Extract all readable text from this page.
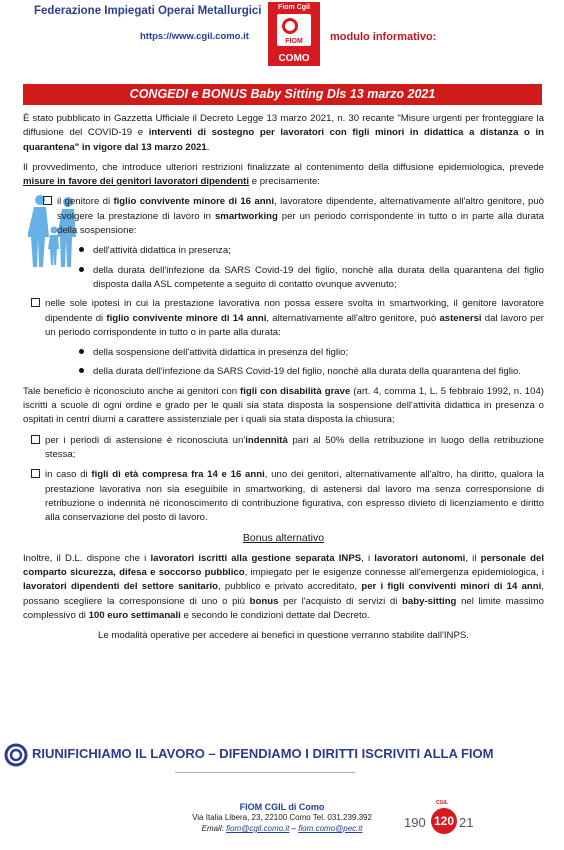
Federazione Impiegati Operai Metallurgici
https://www.cgil.como.it	modulo informativo:
Fiom Cgil
FIOM
COMO
CONGEDI e BONUS Baby Sitting Dls 13 marzo 2021

È stato pubblicato in Gazzetta Ufficiale il Decreto Legge 13 marzo 2021, n. 30 recante "Misure urgenti per fronteggiare la diffusione del COVID-19 e interventi di sostegno per lavoratori con figli minori in didattica a distanza o in quarantena" in vigore dal 13 marzo 2021.

Il provvedimento, che introduce ulteriori restrizioni finalizzate al contenimento della diffusione epidemiologica, prevede misure in favore dei genitori lavoratori dipendenti e precisamente:

il genitore di figlio convivente minore di 16 anni, lavoratore dipendente, alternativamente all'altro genitore, può svolgere la prestazione di lavoro in smartworking per un periodo corrispondente in tutto o in parte alla durata della sospensione:

dell'attività didattica in presenza;

della durata dell'infezione da SARS Covid-19 del figlio, nonchè alla durata della quarantena del figlio disposta dalla ASL competente a seguito di contatto ovunque avvenuto;

nelle sole ipotesi in cui la prestazione lavorativa non possa essere svolta in smartworking, il genitore lavoratore dipendente di figlio convivente minore di 14 anni, alternativamente all'altro genitore, può astenersi dal lavoro per un periodo corrispondente in tutto o in parte alla durata:

della sospensione dell'attività didattica in presenza del figlio;

della durata dell'infezione da SARS Covid-19 del figlio, nonchè alla durata della quarantena del figlio.

Tale beneficio è riconosciuto anche ai genitori con figli con disabilità grave (art. 4, comma 1, L. 5 febbraio 1992, n. 104) iscritti a scuole di ogni ordine e grado per le quali sia stata disposta la sospensione dell'attività didattica in presenza o ospitati in centri diurni a carattere assistenziale per i quali sia stata disposta la chiusura;

per i periodi di astensione è riconosciuta un'indennità pari al 50% della retribuzione in luogo della retribuzione stessa;

in caso di figli di età compresa fra 14 e 16 anni, uno dei genitori, alternativamente all'altro, ha diritto, qualora la prestazione lavorativa non sia eseguibile in smartworking, di astenersi dal lavoro ma senza corresponsione di retribuzione o indennità né riconoscimento di contribuzione figurativa, con espresso divieto di licenziamento e diritto alla conservazione del posto di lavoro.

Bonus alternativo

Inoltre, il D.L. dispone che i lavoratori iscritti alla gestione separata INPS, i lavoratori autonomi, il personale del comparto sicurezza, difesa e soccorso pubblico, impiegato per le esigenze connesse all'emergenza epidemiologica, i lavoratori dipendenti del settore sanitario, pubblico e privato accreditato, per i figli conviventi minori di 14 anni, possano scegliere la corresponsione di uno o più bonus per l'acquisto di servizi di baby-sitting nel limite massimo complessivo di 100 euro settimanali e secondo le condizioni dettate dal Decreto.

Le modalità operative per accedere ai benefici in questione verranno stabilite dall'INPS.

RIUNIFICHIAMO IL LAVORO – DIFENDIAMO I DIRITTI ISCRIVITI ALLA FIOM
FIOM CGIL di Como
Via Italia Libera, 23, 22100 Como Tel. 031.239.392
Email: fiom@cgil.como.it – fiom.como@pec.it
CGIL
190 120 21
